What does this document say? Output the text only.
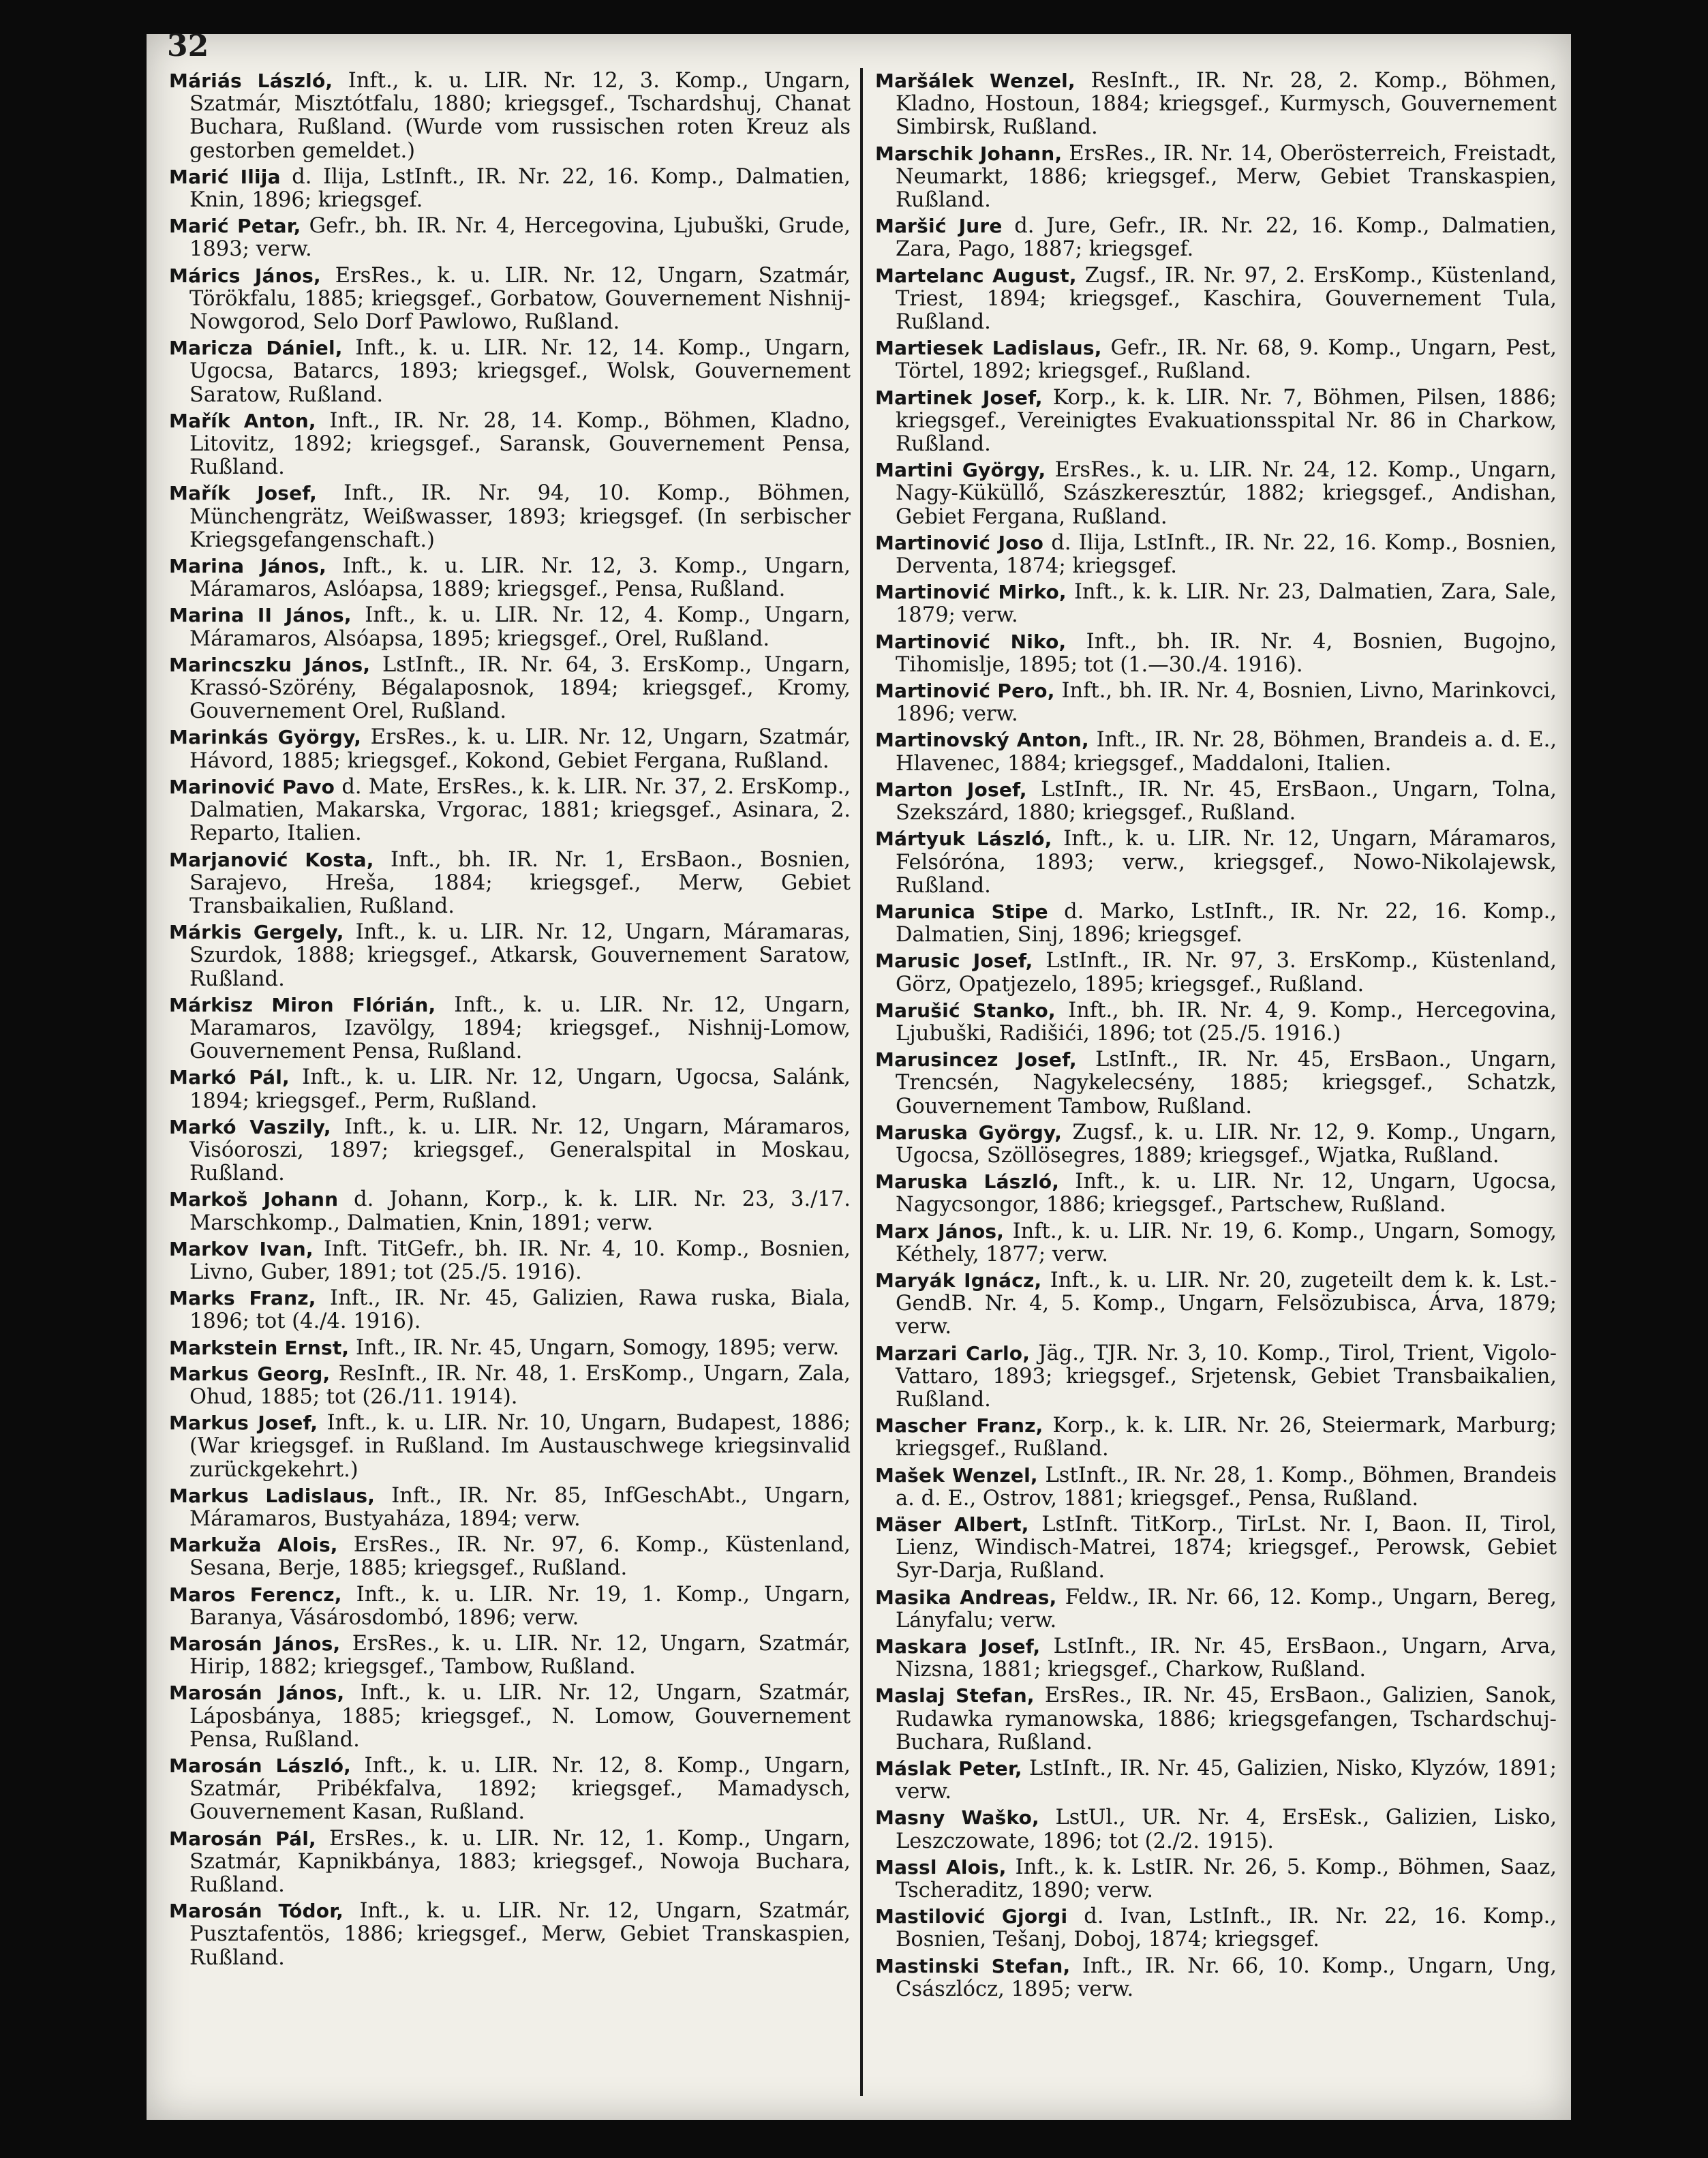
32

Máriás László, Inft., k. u. LIR. Nr. 12, 3. Komp., Ungarn, Szatmár, Misztótfalu, 1880; kriegsgef., Tschardshuj, Chanat Buchara, Rußland. (Wurde vom russischen roten Kreuz als gestorben gemeldet.)

Marić Ilija d. Ilija, LstInft., IR. Nr. 22, 16. Komp., Dalmatien, Knin, 1896; kriegsgef.

Marić Petar, Gefr., bh. IR. Nr. 4, Hercegovina, Ljubuški, Grude, 1893; verw.

Márics János, ErsRes., k. u. LIR. Nr. 12, Ungarn, Szatmár, Törökfalu, 1885; kriegsgef., Gorbatow, Gouvernement Nishnij-Nowgorod, Selo Dorf Pawlowo, Rußland.

Maricza Dániel, Inft., k. u. LIR. Nr. 12, 14. Komp., Ungarn, Ugocsa, Batarcs, 1893; kriegsgef., Wolsk, Gouvernement Saratow, Rußland.

Mařík Anton, Inft., IR. Nr. 28, 14. Komp., Böhmen, Kladno, Litovitz, 1892; kriegsgef., Saransk, Gouvernement Pensa, Rußland.

Mařík Josef, Inft., IR. Nr. 94, 10. Komp., Böhmen, Münchengrätz, Weißwasser, 1893; kriegsgef. (In serbischer Kriegsgefangenschaft.)

Marina János, Inft., k. u. LIR. Nr. 12, 3. Komp., Ungarn, Máramaros, Aslóapsa, 1889; kriegsgef., Pensa, Rußland.

Marina II János, Inft., k. u. LIR. Nr. 12, 4. Komp., Ungarn, Máramaros, Alsóapsa, 1895; kriegsgef., Orel, Rußland.

Marincszku János, LstInft., IR. Nr. 64, 3. ErsKomp., Ungarn, Krassó-Szörény, Bégalaposnok, 1894; kriegsgef., Kromy, Gouvernement Orel, Rußland.

Marinkás György, ErsRes., k. u. LIR. Nr. 12, Ungarn, Szatmár, Hávord, 1885; kriegsgef., Kokond, Gebiet Fergana, Rußland.

Marinović Pavo d. Mate, ErsRes., k. k. LIR. Nr. 37, 2. ErsKomp., Dalmatien, Makarska, Vrgorac, 1881; kriegsgef., Asinara, 2. Reparto, Italien.

Marjanović Kosta, Inft., bh. IR. Nr. 1, ErsBaon., Bosnien, Sarajevo, Hreša, 1884; kriegsgef., Merw, Gebiet Transbaikalien, Rußland.

Márkis Gergely, Inft., k. u. LIR. Nr. 12, Ungarn, Máramaras, Szurdok, 1888; kriegsgef., Atkarsk, Gouvernement Saratow, Rußland.

Márkisz Miron Flórián, Inft., k. u. LIR. Nr. 12, Ungarn, Maramaros, Izavölgy, 1894; kriegsgef., Nishnij-Lomow, Gouvernement Pensa, Rußland.

Markó Pál, Inft., k. u. LIR. Nr. 12, Ungarn, Ugocsa, Salánk, 1894; kriegsgef., Perm, Rußland.

Markó Vaszily, Inft., k. u. LIR. Nr. 12, Ungarn, Máramaros, Visóoroszi, 1897; kriegsgef., Generalspital in Moskau, Rußland.

Markoš Johann d. Johann, Korp., k. k. LIR. Nr. 23, 3./17. Marschkomp., Dalmatien, Knin, 1891; verw.

Markov Ivan, Inft. TitGefr., bh. IR. Nr. 4, 10. Komp., Bosnien, Livno, Guber, 1891; tot (25./5. 1916).

Marks Franz, Inft., IR. Nr. 45, Galizien, Rawa ruska, Biala, 1896; tot (4./4. 1916).

Markstein Ernst, Inft., IR. Nr. 45, Ungarn, Somogy, 1895; verw.

Markus Georg, ResInft., IR. Nr. 48, 1. ErsKomp., Ungarn, Zala, Ohud, 1885; tot (26./11. 1914).

Markus Josef, Inft., k. u. LIR. Nr. 10, Ungarn, Budapest, 1886; (War kriegsgef. in Rußland. Im Austauschwege kriegsinvalid zurückgekehrt.)

Markus Ladislaus, Inft., IR. Nr. 85, InfGeschAbt., Ungarn, Máramaros, Bustyaháza, 1894; verw.

Markuža Alois, ErsRes., IR. Nr. 97, 6. Komp., Küstenland, Sesana, Berje, 1885; kriegsgef., Rußland.

Maros Ferencz, Inft., k. u. LIR. Nr. 19, 1. Komp., Ungarn, Baranya, Vásárosdombó, 1896; verw.

Marosán János, ErsRes., k. u. LIR. Nr. 12, Ungarn, Szatmár, Hirip, 1882; kriegsgef., Tambow, Rußland.

Marosán János, Inft., k. u. LIR. Nr. 12, Ungarn, Szatmár, Láposbánya, 1885; kriegsgef., N. Lomow, Gouvernement Pensa, Rußland.

Marosán László, Inft., k. u. LIR. Nr. 12, 8. Komp., Ungarn, Szatmár, Pribékfalva, 1892; kriegsgef., Mamadysch, Gouvernement Kasan, Rußland.

Marosán Pál, ErsRes., k. u. LIR. Nr. 12, 1. Komp., Ungarn, Szatmár, Kapnikbánya, 1883; kriegsgef., Nowoja Buchara, Rußland.

Marosán Tódor, Inft., k. u. LIR. Nr. 12, Ungarn, Szatmár, Pusztafentös, 1886; kriegsgef., Merw, Gebiet Transkaspien, Rußland.

Maršálek Wenzel, ResInft., IR. Nr. 28, 2. Komp., Böhmen, Kladno, Hostoun, 1884; kriegsgef., Kurmysch, Gouvernement Simbirsk, Rußland.

Marschik Johann, ErsRes., IR. Nr. 14, Oberösterreich, Freistadt, Neumarkt, 1886; kriegsgef., Merw, Gebiet Transkaspien, Rußland.

Maršić Jure d. Jure, Gefr., IR. Nr. 22, 16. Komp., Dalmatien, Zara, Pago, 1887; kriegsgef.

Martelanc August, Zugsf., IR. Nr. 97, 2. ErsKomp., Küstenland, Triest, 1894; kriegsgef., Kaschira, Gouvernement Tula, Rußland.

Martiesek Ladislaus, Gefr., IR. Nr. 68, 9. Komp., Ungarn, Pest, Törtel, 1892; kriegsgef., Rußland.

Martinek Josef, Korp., k. k. LIR. Nr. 7, Böhmen, Pilsen, 1886; kriegsgef., Vereinigtes Evakuationsspital Nr. 86 in Charkow, Rußland.

Martini György, ErsRes., k. u. LIR. Nr. 24, 12. Komp., Ungarn, Nagy-Küküllő, Szászkeresztúr, 1882; kriegsgef., Andishan, Gebiet Fergana, Rußland.

Martinović Joso d. Ilija, LstInft., IR. Nr. 22, 16. Komp., Bosnien, Derventa, 1874; kriegsgef.

Martinović Mirko, Inft., k. k. LIR. Nr. 23, Dalmatien, Zara, Sale, 1879; verw.

Martinović Niko, Inft., bh. IR. Nr. 4, Bosnien, Bugojno, Tihomislje, 1895; tot (1.—30./4. 1916).

Martinović Pero, Inft., bh. IR. Nr. 4, Bosnien, Livno, Marinkovci, 1896; verw.

Martinovský Anton, Inft., IR. Nr. 28, Böhmen, Brandeis a. d. E., Hlavenec, 1884; kriegsgef., Maddaloni, Italien.

Marton Josef, LstInft., IR. Nr. 45, ErsBaon., Ungarn, Tolna, Szekszárd, 1880; kriegsgef., Rußland.

Mártyuk László, Inft., k. u. LIR. Nr. 12, Ungarn, Máramaros, Felsóróna, 1893; verw., kriegsgef., Nowo-Nikolajewsk, Rußland.

Marunica Stipe d. Marko, LstInft., IR. Nr. 22, 16. Komp., Dalmatien, Sinj, 1896; kriegsgef.

Marusic Josef, LstInft., IR. Nr. 97, 3. ErsKomp., Küstenland, Görz, Opatjezelo, 1895; kriegsgef., Rußland.

Marušić Stanko, Inft., bh. IR. Nr. 4, 9. Komp., Hercegovina, Ljubuški, Radišići, 1896; tot (25./5. 1916.)

Marusincez Josef, LstInft., IR. Nr. 45, ErsBaon., Ungarn, Trencsén, Nagykelecsény, 1885; kriegsgef., Schatzk, Gouvernement Tambow, Rußland.

Maruska György, Zugsf., k. u. LIR. Nr. 12, 9. Komp., Ungarn, Ugocsa, Szöllösegres, 1889; kriegsgef., Wjatka, Rußland.

Maruska László, Inft., k. u. LIR. Nr. 12, Ungarn, Ugocsa, Nagycsongor, 1886; kriegsgef., Partschew, Rußland.

Marx János, Inft., k. u. LIR. Nr. 19, 6. Komp., Ungarn, Somogy, Kéthely, 1877; verw.

Maryák Ignácz, Inft., k. u. LIR. Nr. 20, zugeteilt dem k. k. Lst.-GendB. Nr. 4, 5. Komp., Ungarn, Felsözubisca, Árva, 1879; verw.

Marzari Carlo, Jäg., TJR. Nr. 3, 10. Komp., Tirol, Trient, Vigolo-Vattaro, 1893; kriegsgef., Srjetensk, Gebiet Transbaikalien, Rußland.

Mascher Franz, Korp., k. k. LIR. Nr. 26, Steiermark, Marburg; kriegsgef., Rußland.

Mašek Wenzel, LstInft., IR. Nr. 28, 1. Komp., Böhmen, Brandeis a. d. E., Ostrov, 1881; kriegsgef., Pensa, Rußland.

Mäser Albert, LstInft. TitKorp., TirLst. Nr. I, Baon. II, Tirol, Lienz, Windisch-Matrei, 1874; kriegsgef., Perowsk, Gebiet Syr-Darja, Rußland.

Masika Andreas, Feldw., IR. Nr. 66, 12. Komp., Ungarn, Bereg, Lányfalu; verw.

Maskara Josef, LstInft., IR. Nr. 45, ErsBaon., Ungarn, Arva, Nizsna, 1881; kriegsgef., Charkow, Rußland.

Maslaj Stefan, ErsRes., IR. Nr. 45, ErsBaon., Galizien, Sanok, Rudawka rymanowska, 1886; kriegsgefangen, Tschardschuj-Buchara, Rußland.

Máslak Peter, LstInft., IR. Nr. 45, Galizien, Nisko, Klyzów, 1891; verw.

Masny Waško, LstUl., UR. Nr. 4, ErsEsk., Galizien, Lisko, Leszczowate, 1896; tot (2./2. 1915).

Massl Alois, Inft., k. k. LstIR. Nr. 26, 5. Komp., Böhmen, Saaz, Tscheraditz, 1890; verw.

Mastilović Gjorgi d. Ivan, LstInft., IR. Nr. 22, 16. Komp., Bosnien, Tešanj, Doboj, 1874; kriegsgef.

Mastinski Stefan, Inft., IR. Nr. 66, 10. Komp., Ungarn, Ung, Császlócz, 1895; verw.
